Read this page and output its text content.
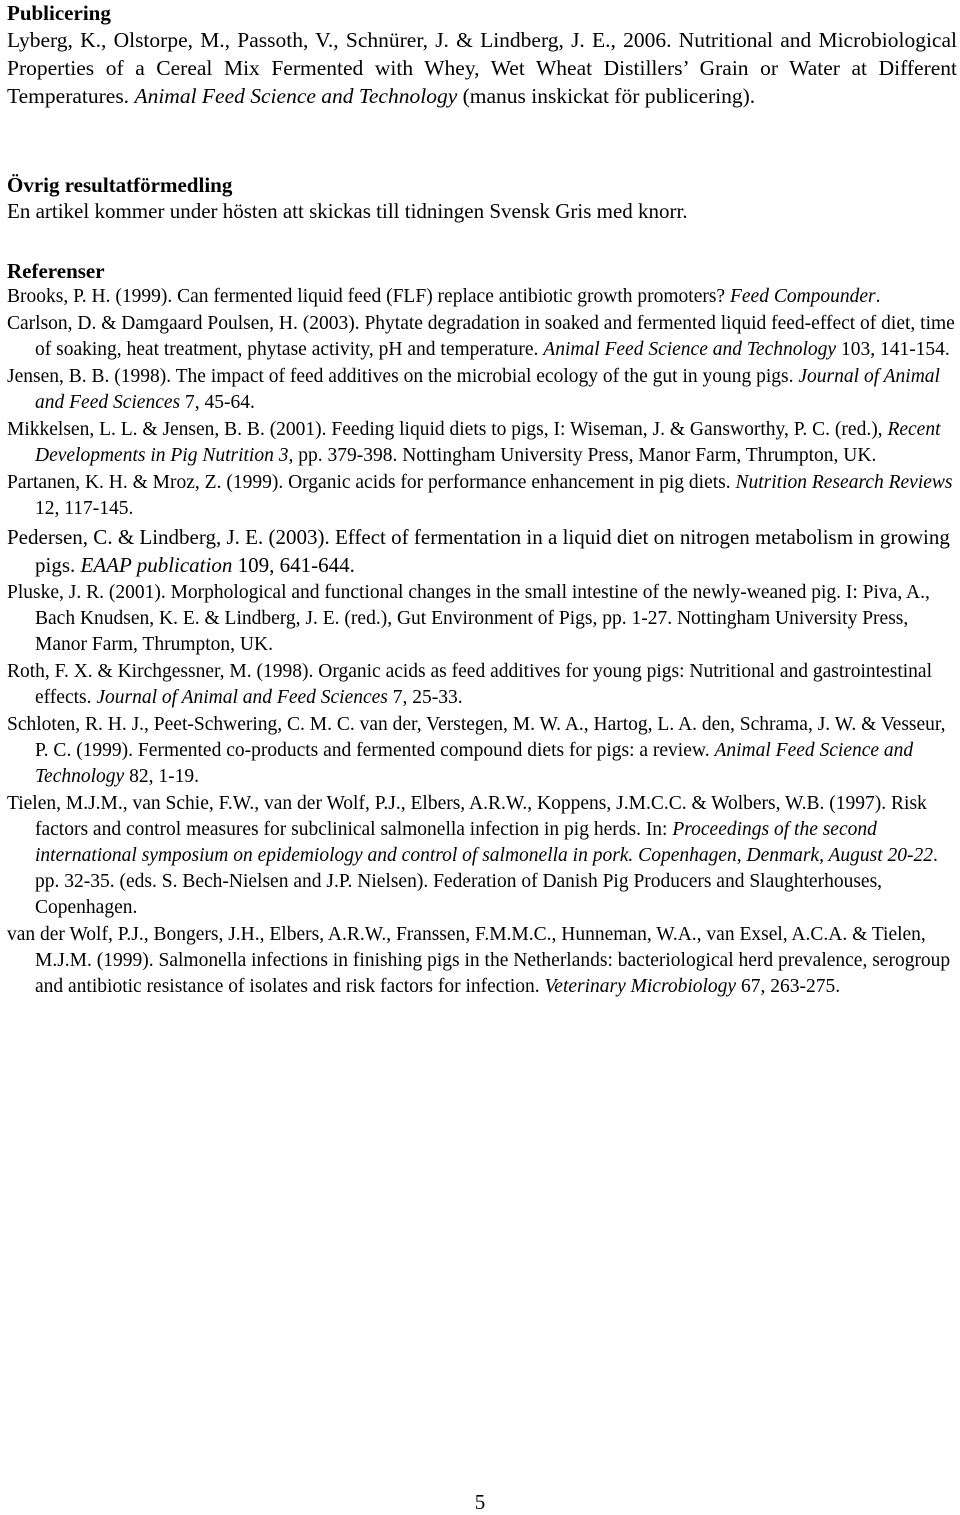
Publicering

Lyberg, K., Olstorpe, M., Passoth, V., Schnürer, J. & Lindberg, J. E., 2006. Nutritional and Microbiological Properties of a Cereal Mix Fermented with Whey, Wet Wheat Distillers’ Grain or Water at Different Temperatures. Animal Feed Science and Technology (manus inskickat för publicering).

Övrig resultatförmedling

En artikel kommer under hösten att skickas till tidningen Svensk Gris med knorr.

Referenser

Brooks, P. H. (1999). Can fermented liquid feed (FLF) replace antibiotic growth promoters? Feed Compounder.

Carlson, D. & Damgaard Poulsen, H. (2003). Phytate degradation in soaked and fermented liquid feed-effect of diet, time of soaking, heat treatment, phytase activity, pH and temperature. Animal Feed Science and Technology 103, 141-154.

Jensen, B. B. (1998). The impact of feed additives on the microbial ecology of the gut in young pigs. Journal of Animal and Feed Sciences 7, 45-64.

Mikkelsen, L. L. & Jensen, B. B. (2001). Feeding liquid diets to pigs, I: Wiseman, J. & Gansworthy, P. C. (red.), Recent Developments in Pig Nutrition 3, pp. 379-398. Nottingham University Press, Manor Farm, Thrumpton, UK.

Partanen, K. H. & Mroz, Z. (1999). Organic acids for performance enhancement in pig diets. Nutrition Research Reviews 12, 117-145.

Pedersen, C. & Lindberg, J. E. (2003). Effect of fermentation in a liquid diet on nitrogen metabolism in growing pigs. EAAP publication 109, 641-644.

Pluske, J. R. (2001). Morphological and functional changes in the small intestine of the newly-weaned pig. I: Piva, A., Bach Knudsen, K. E. & Lindberg, J. E. (red.), Gut Environment of Pigs, pp. 1-27. Nottingham University Press, Manor Farm, Thrumpton, UK.

Roth, F. X. & Kirchgessner, M. (1998). Organic acids as feed additives for young pigs: Nutritional and gastrointestinal effects. Journal of Animal and Feed Sciences 7, 25-33.

Schloten, R. H. J., Peet-Schwering, C. M. C. van der, Verstegen, M. W. A., Hartog, L. A. den, Schrama, J. W. & Vesseur, P. C. (1999). Fermented co-products and fermented compound diets for pigs: a review. Animal Feed Science and Technology 82, 1-19.

Tielen, M.J.M., van Schie, F.W., van der Wolf, P.J., Elbers, A.R.W., Koppens, J.M.C.C. & Wolbers, W.B. (1997). Risk factors and control measures for subclinical salmonella infection in pig herds. In: Proceedings of the second international symposium on epidemiology and control of salmonella in pork. Copenhagen, Denmark, August 20-22. pp. 32-35. (eds. S. Bech-Nielsen and J.P. Nielsen). Federation of Danish Pig Producers and Slaughterhouses, Copenhagen.

van der Wolf, P.J., Bongers, J.H., Elbers, A.R.W., Franssen, F.M.M.C., Hunneman, W.A., van Exsel, A.C.A. & Tielen, M.J.M. (1999). Salmonella infections in finishing pigs in the Netherlands: bacteriological herd prevalence, serogroup and antibiotic resistance of isolates and risk factors for infection. Veterinary Microbiology 67, 263-275.

5
